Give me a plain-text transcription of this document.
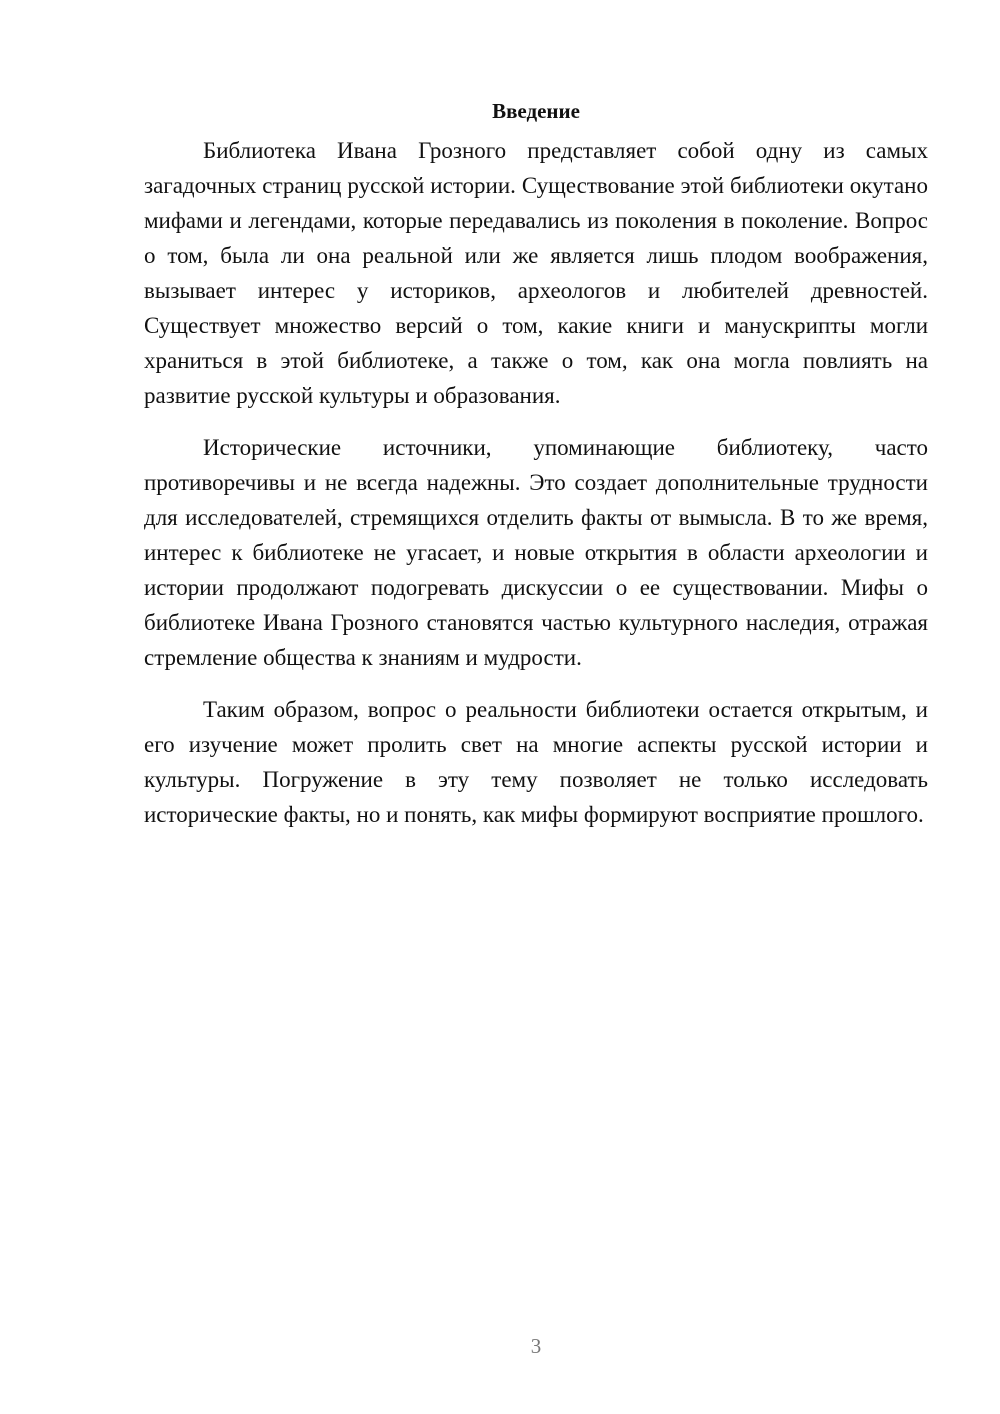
Введение

Библиотека Ивана Грозного представляет собой одну из самых загадочных страниц русской истории. Существование этой библиотеки окутано мифами и легендами, которые передавались из поколения в поколение. Вопрос о том, была ли она реальной или же является лишь плодом воображения, вызывает интерес у историков, археологов и любителей древностей. Существует множество версий о том, какие книги и манускрипты могли храниться в этой библиотеке, а также о том, как она могла повлиять на развитие русской культуры и образования.

Исторические источники, упоминающие библиотеку, часто противоречивы и не всегда надежны. Это создает дополнительные трудности для исследователей, стремящихся отделить факты от вымысла. В то же время, интерес к библиотеке не угасает, и новые открытия в области археологии и истории продолжают подогревать дискуссии о ее существовании. Мифы о библиотеке Ивана Грозного становятся частью культурного наследия, отражая стремление общества к знаниям и мудрости.

Таким образом, вопрос о реальности библиотеки остается открытым, и его изучение может пролить свет на многие аспекты русской истории и культуры. Погружение в эту тему позволяет не только исследовать исторические факты, но и понять, как мифы формируют восприятие прошлого.

3
